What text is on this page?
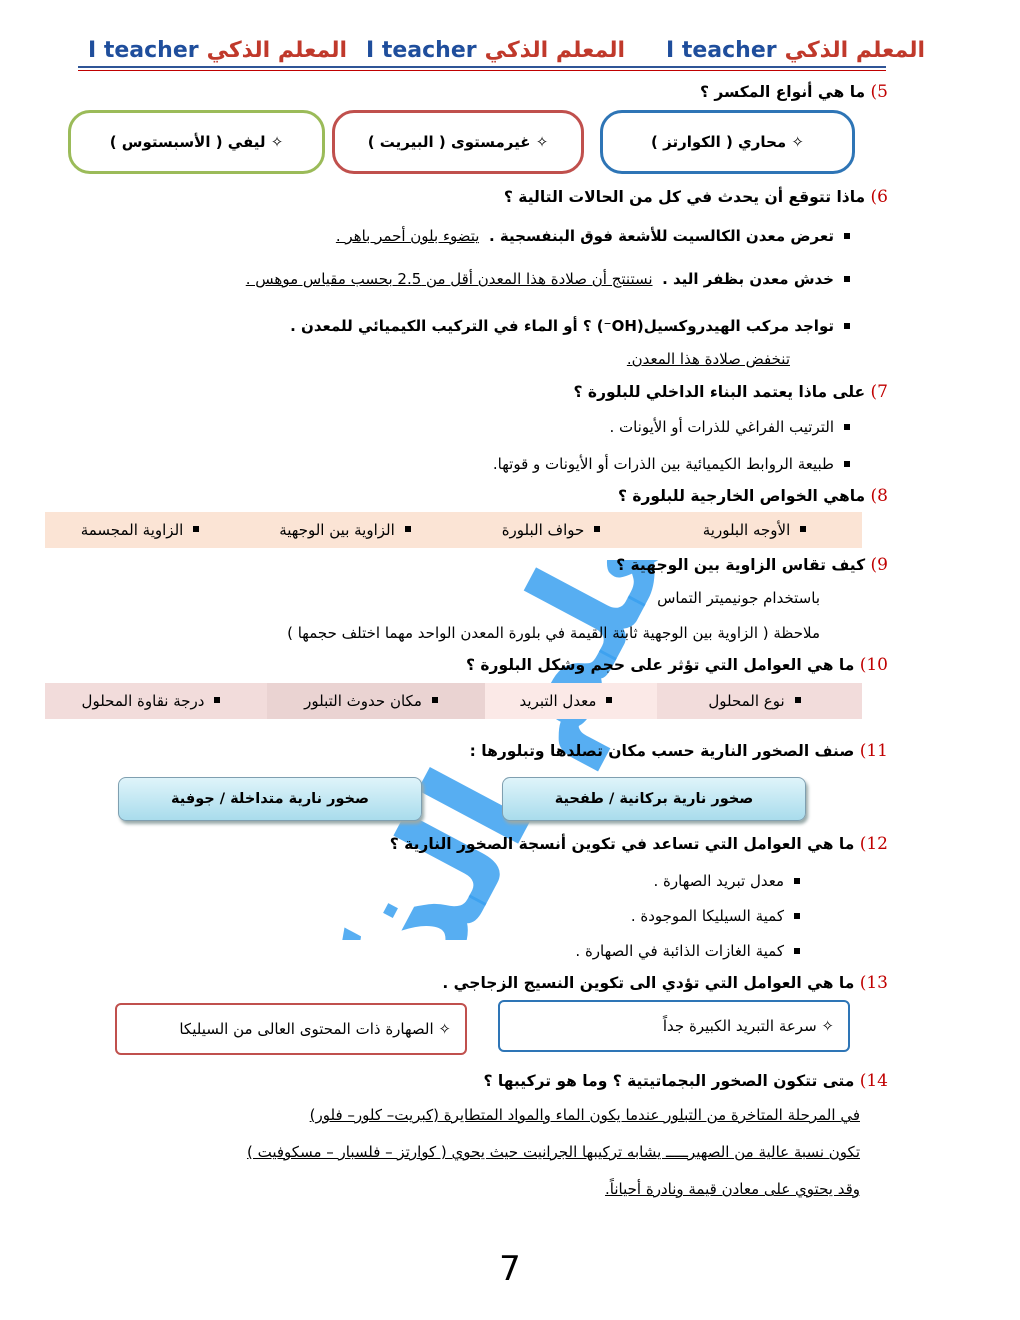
I teacher المعلم الذكي
I teacher المعلم الذكي
I teacher المعلم الذكي
5) ما هي أنواع المكسر ؟
✧ محاري ( الكوارتز )
✧ غيرمستوى ( البيريت )
✧ ليفي ( الأسبستوس )
6) ماذا تتوقع أن يحدث في كل من الحالات التالية ؟
تعرض معدن الكالسيت للأشعة فوق البنفسجية .  يتضوء بلون أحمر باهر .
خدش معدن بظفر اليد .  نستنتج أن صلادة هذا المعدن أقل من 2.5 بحسب مقياس موهس .
تواجد مركب الهيدروكسيل(OH⁻) ؟ أو الماء في التركيب الكيميائي للمعدن .
تنخفض صلادة هذا المعدن.
7) على ماذا يعتمد البناء الداخلي للبلورة ؟
الترتيب الفراغي للذرات أو الأيونات .
طبيعة الروابط الكيميائية بين الذرات أو الأيونات و قوتها.
8) ماهي الخواص الخارجية للبلورة ؟
الأوجه البلورية
حواف البلورة
الزاوية بين الوجهية
الزاوية المجسمة
9) كيف تقاس الزاوية بين الوجهية ؟
باستخدام جونيميتر التماس
ملاحظة ( الزاوية بين الوجهية ثابتة القيمة في بلورة المعدن الواحد مهما اختلف حجمها )
10) ما هي العوامل التي تؤثر على حجم وشكل البلورة ؟
نوع المحلول
معدل التبريد
مكان حدوث التبلور
درجة نقاوة المحلول
11) صنف الصخور النارية حسب مكان تصلدها وتبلورها :
صخور نارية بركانية / طفحية
صخور نارية متداخلة / جوفية
12) ما هي العوامل التي تساعد في تكوين أنسجة الصخور النارية ؟
معدل تبريد الصهارة .
كمية السيليكا الموجودة .
كمية الغازات الذائبة في الصهارة .
13) ما هي العوامل التي تؤدي الى تكوين النسيج الزجاجي .
✧ سرعة التبريد الكبيرة جداً
✧ الصهارة ذات المحتوى العالى من السيليكا
14) متى تتكون الصخور البجماتيتية ؟ وما هو تركيبها ؟
في المرحلة المتاخرة من التبلور عندما يكون الماء والمواد المتطايرة (كبريت– كلور– فلور)
تكون نسبة عالية من الصهيرـــــ يشابه تركيبها الجرانيت حيث يحوي ( كوارتز – فلسبار – مسكوفيت )
وقد يحتوي على معادن قيمة ونادرة أحياناً.
7
